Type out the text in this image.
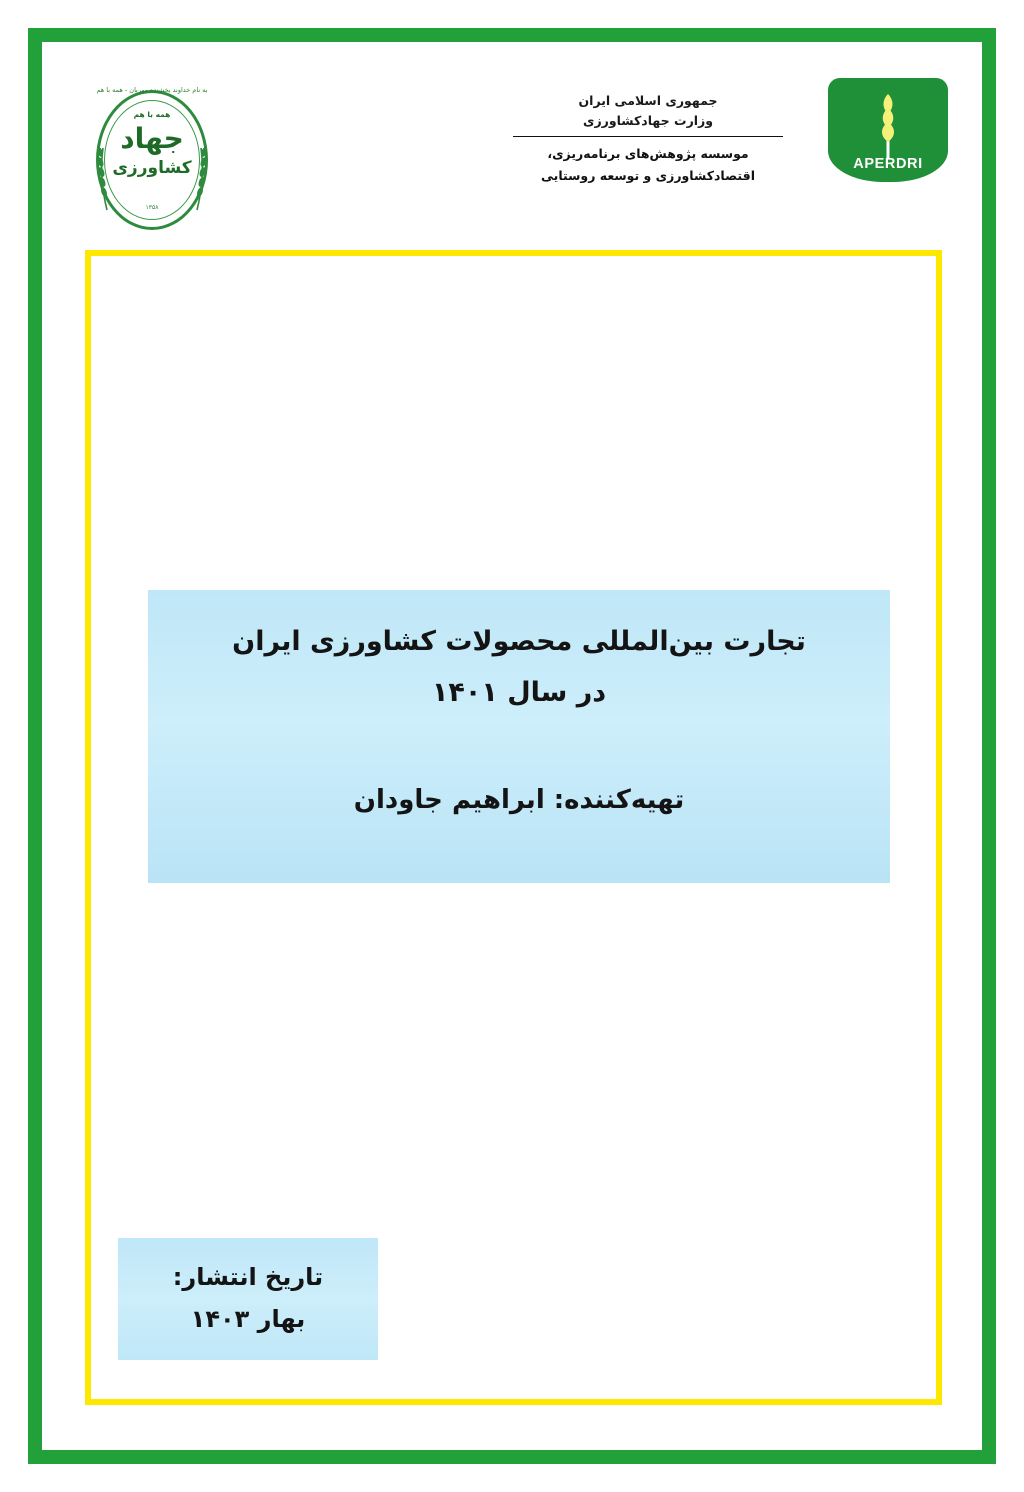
به نام خداوند بخشنده مهربان - همه با هم
همه با هم
جهاد
کشاورزی
۱۳۵۸
جمهوری اسلامی ایران
وزارت جهادکشاورزی
موسسه پژوهش‌های برنامه‌ریزی،
اقتصادکشاورزی و توسعه روستایی
APERDRI
تجارت بین‌المللی محصولات کشاورزی ایران
در سال ۱۴۰۱
تهیه‌کننده: ابراهیم جاودان
تاریخ انتشار:
بهار ۱۴۰۳
